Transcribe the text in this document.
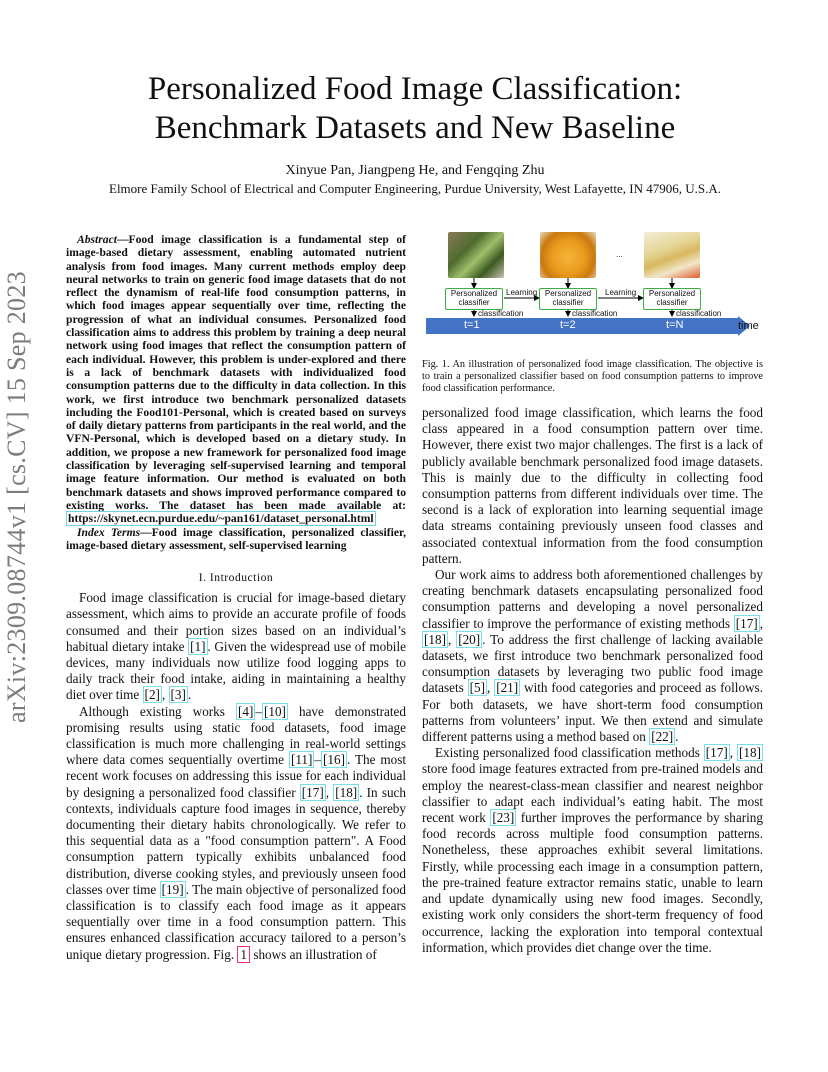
arXiv:2309.08744v1 [cs.CV] 15 Sep 2023
Personalized Food Image Classification:
Benchmark Datasets and New Baseline
Xinyue Pan, Jiangpeng He, and Fengqing Zhu
Elmore Family School of Electrical and Computer Engineering, Purdue University, West Lafayette, IN 47906, U.S.A.

Abstract—Food image classification is a fundamental step of image-based dietary assessment, enabling automated nutrient analysis from food images. Many current methods employ deep neural networks to train on generic food image datasets that do not reflect the dynamism of real-life food consumption patterns, in which food images appear sequentially over time, reflecting the progression of what an individual consumes. Personalized food classification aims to address this problem by training a deep neural network using food images that reflect the consumption pattern of each individual. However, this problem is under-explored and there is a lack of benchmark datasets with individualized food consumption patterns due to the difficulty in data collection. In this work, we first introduce two benchmark personalized datasets including the Food101-Personal, which is created based on surveys of daily dietary patterns from participants in the real world, and the VFN-Personal, which is developed based on a dietary study. In addition, we propose a new framework for personalized food image classification by leveraging self-supervised learning and temporal image feature information. Our method is evaluated on both benchmark datasets and shows improved performance compared to existing works. The dataset has been made available at: https://skynet.ecn.purdue.edu/~pan161/dataset_personal.html

Index Terms—Food image classification, personalized classifier, image-based dietary assessment, self-supervised learning

I. Introduction

Food image classification is crucial for image-based dietary assessment, which aims to provide an accurate profile of foods consumed and their portion sizes based on an individual’s habitual dietary intake [1] . Given the widespread use of mobile devices, many individuals now utilize food logging apps to daily track their food intake, aiding in maintaining a healthy diet over time [2] , [3] .

Although existing works [4] – [10] have demonstrated promising results using static food datasets, food image classification is much more challenging in real-world settings where data comes sequentially overtime [11] – [16] . The most recent work focuses on addressing this issue for each individual by designing a personalized food classifier [17] , [18] . In such contexts, individuals capture food images in sequence, thereby documenting their dietary habits chronologically. We refer to this sequential data as a "food consumption pattern". A Food consumption pattern typically exhibits unbalanced food distribution, diverse cooking styles, and previously unseen food classes over time [19] . The main objective of personalized food classification is to classify each food image as it appears sequentially over time in a food consumption pattern. This ensures enhanced classification accuracy tailored to a person’s unique dietary progression. Fig. 1 shows an illustration of

...
Personalized classifier
Personalized classifier
Personalized classifier
Learning	Learning
classification	classification	classification
t=1	t=2	t=N	time

Fig. 1. An illustration of personalized food image classification. The objective is to train a personalized classifier based on food consumption patterns to improve food classification performance.

personalized food image classification, which learns the food class appeared in a food consumption pattern over time. However, there exist two major challenges. The first is a lack of publicly available benchmark personalized food image datasets. This is mainly due to the difficulty in collecting food consumption patterns from different individuals over time. The second is a lack of exploration into learning sequential image data streams containing previously unseen food classes and associated contextual information from the food consumption pattern.

Our work aims to address both aforementioned challenges by creating benchmark datasets encapsulating personalized food consumption patterns and developing a novel personalized classifier to improve the performance of existing methods [17] , [18] , [20] . To address the first challenge of lacking available datasets, we first introduce two benchmark personalized food consumption datasets by leveraging two public food image datasets [5] , [21] with food categories and proceed as follows. For both datasets, we have short-term food consumption patterns from volunteers’ input. We then extend and simulate different patterns using a method based on [22] .

Existing personalized food classification methods [17] , [18] store food image features extracted from pre-trained models and employ the nearest-class-mean classifier and nearest neighbor classifier to adapt each individual’s eating habit. The most recent work [23] further improves the performance by sharing food records across multiple food consumption patterns. Nonetheless, these approaches exhibit several limitations. Firstly, while processing each image in a consumption pattern, the pre-trained feature extractor remains static, unable to learn and update dynamically using new food images. Secondly, existing work only considers the short-term frequency of food occurrence, lacking the exploration into temporal contextual information, which provides diet change over the time.
